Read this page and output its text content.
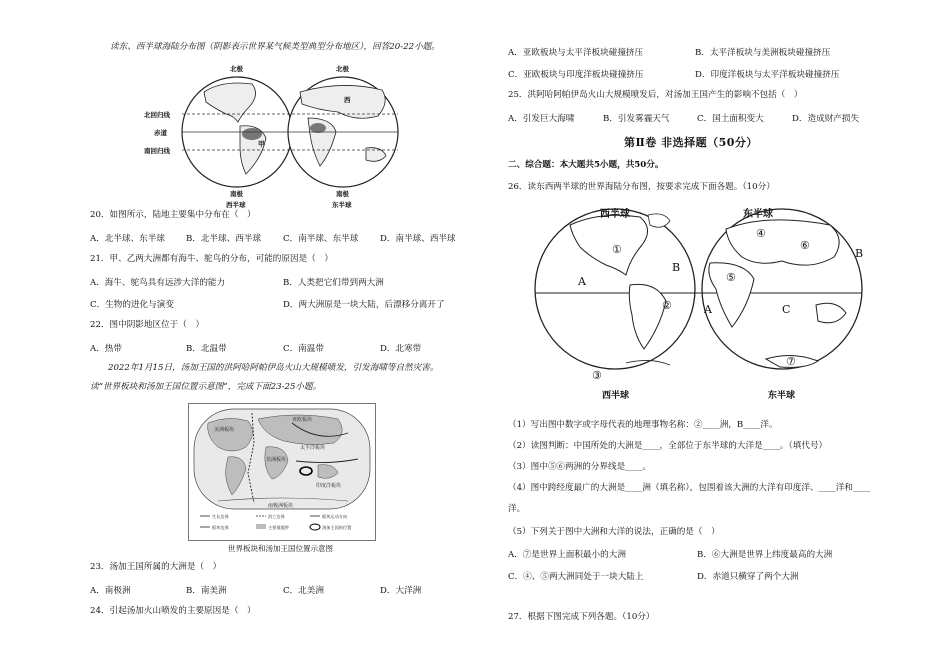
读东、西半球海陆分布图（阴影表示世界某气候类型典型分布地区），回答20-22小题。
北极	北极
北回归线
赤道
南回归线
甲
西
南极	南极
西半球	东半球
20．如图所示，陆地主要集中分布在（　）
A．北半球、东半球 B．北半球、西半球	C．南半球、东半球	D．南半球、西半球
21．甲、乙两大洲都有海牛、鸵鸟的分布，可能的原因是（　）
A．海牛、鸵鸟具有远涉大洋的能力	B．人类把它们带到两大洲
C．生物的进化与演变	D．两大洲原是一块大陆，后漂移分离开了
22．图中阴影地区位于（　）
A．热带	B．北温带	C．南温带	D．北寒带
2022年1月15日，汤加王国的洪阿哈阿帕伊岛火山大规模喷发，引发海啸等自然灾害。
读“世界板块和汤加王国位置示意图”，完成下面23-25小题。
美洲板块
亚欧板块
太平洋板块
非洲板块
印度洋板块
南极洲板块
生长边界	消亡边界	板块运动方向
板块边界	主要地震带	汤加王国的位置
世界板块和汤加王国位置示意图
23．汤加王国所属的大洲是（　）
A．南极洲	B．南美洲	C．北美洲	D．大洋洲
24．引起汤加火山喷发的主要原因是（　）
A．亚欧板块与太平洋板块碰撞挤压	B．太平洋板块与美洲板块碰撞挤压
C．亚欧板块与印度洋板块碰撞挤压	D．印度洋板块与太平洋板块碰撞挤压
25．洪阿哈阿帕伊岛火山大规模喷发后，对汤加王国产生的影响不包括（　）
A．引发巨大海啸	B．引发雾霾天气	C．国土面积变大	D．造成财产损失
第Ⅱ卷 非选择题（50分）
二、综合题：本大题共5小题，共50分。
26．读东西两半球的世界海陆分布图，按要求完成下面各题。（10分）
西半球	东半球
①
②
③
④
⑤
⑥
⑦
B
A
A
B
C
西半球	东半球
（1）写出图中数字或字母代表的地理事物名称：②____洲，B____洋。
（2）读图判断：中国所处的大洲是____，全部位于东半球的大洋是____。（填代号）
（3）图中⑤⑥两洲的分界线是____。
（4）图中跨经度最广的大洲是____洲（填名称），包围着该大洲的大洋有印度洋、____洋和____
洋。
（5）下列关于图中大洲和大洋的说法，正确的是（　）
A．⑦是世界上面积最小的大洲	B．⑥大洲是世界上纬度最高的大洲
C．④、⑤两大洲同处于一块大陆上	D．赤道只横穿了两个大洲
27．根据下图完成下列各题。（10分）
